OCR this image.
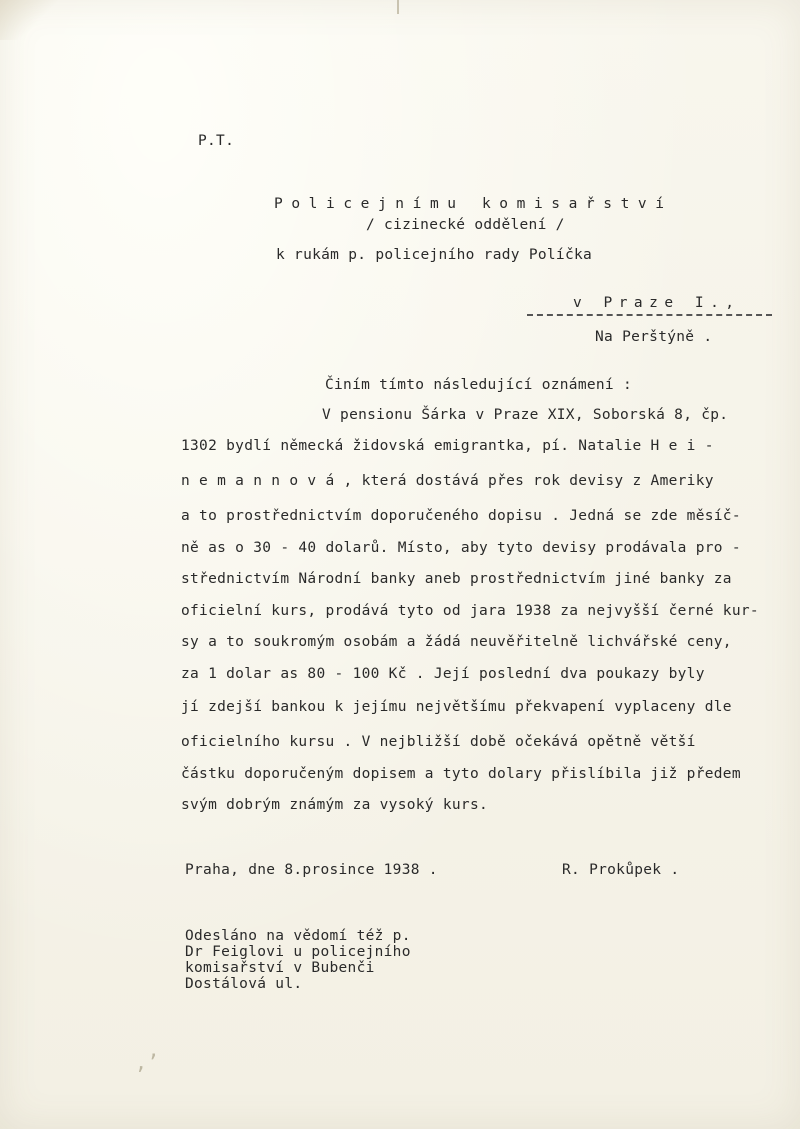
P.T.
Policejnímu komisařství
/ cizinecké oddělení /
k rukám p. policejního rady Políčka
v Praze I.,
Na Perštýně .
Činím tímto následující oznámení :
V pensionu Šárka v Praze XIX, Soborská 8, čp.
1302 bydlí německá židovská emigrantka, pí. Natalie H e i -
n e m a n n o v á , která dostává přes rok devisy z Ameriky
a to prostřednictvím doporučeného dopisu . Jedná se zde měsíč-
ně as o 30 - 40 dolarů. Místo, aby tyto devisy prodávala pro -
střednictvím Národní banky aneb prostřednictvím jiné banky za
oficielní kurs, prodává tyto od jara 1938 za nejvyšší černé kur-
sy a to soukromým osobám a žádá neuvěřitelně lichvářské ceny,
za 1 dolar as 80 - 100 Kč . Její poslední dva poukazy byly
jí zdejší bankou k jejímu největšímu překvapení vyplaceny dle
oficielního kursu . V nejbližší době očekává opětně větší
částku doporučeným dopisem a tyto dolary přislíbila již předem
svým dobrým známým za vysoký kurs.
Praha, dne 8.prosince 1938 .	R. Prokůpek .
Odesláno na vědomí též p.
Dr Feiglovi u policejního
komisařství v Bubenči
Dostálová ul.
‚’
